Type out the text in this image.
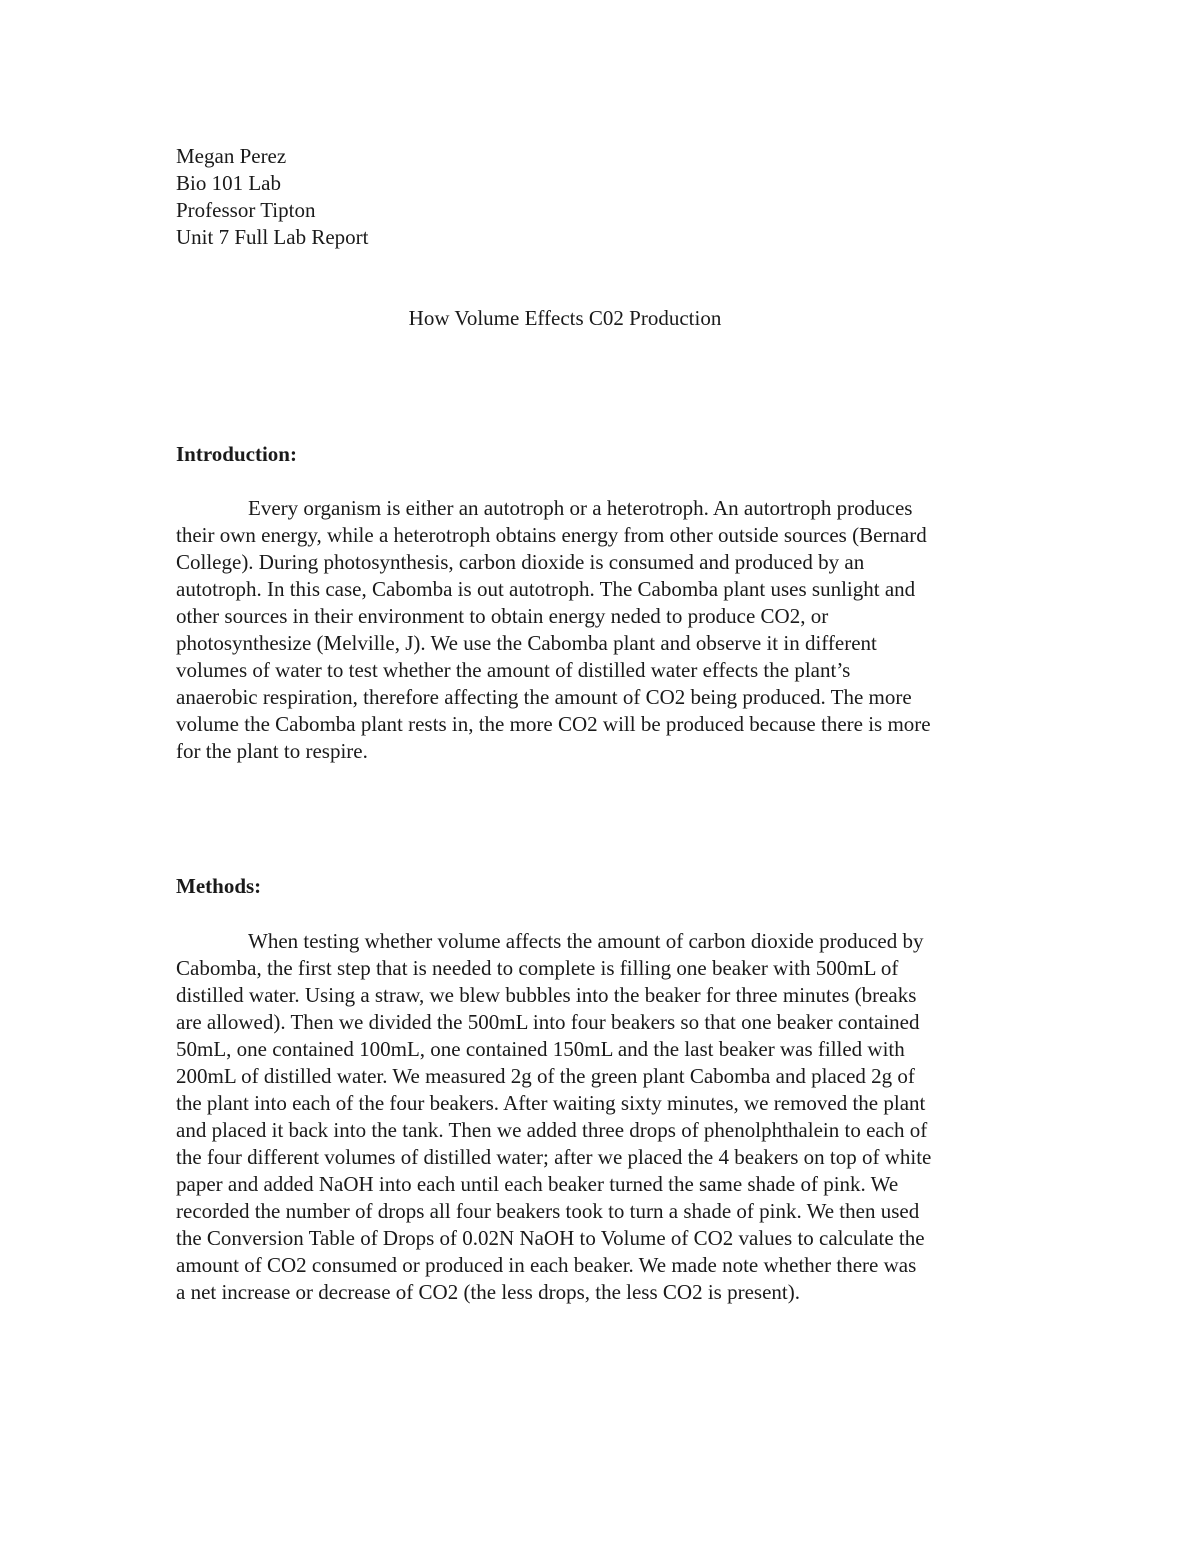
Megan Perez
Bio 101 Lab
Professor Tipton
Unit 7 Full Lab Report
How Volume Effects C02 Production
Introduction:
Every organism is either an autotroph or a heterotroph. An autortroph produces
their own energy, while a heterotroph obtains energy from other outside sources (Bernard
College). During photosynthesis, carbon dioxide is consumed and produced by an
autotroph. In this case, Cabomba is out autotroph. The Cabomba plant uses sunlight and
other sources in their environment to obtain energy neded to produce CO2, or
photosynthesize (Melville, J). We use the Cabomba plant and observe it in different
volumes of water to test whether the amount of distilled water effects the plant’s
anaerobic respiration, therefore affecting the amount of CO2 being produced. The more
volume the Cabomba plant rests in, the more CO2 will be produced because there is more
for the plant to respire.
Methods:
When testing whether volume affects the amount of carbon dioxide produced by
Cabomba, the first step that is needed to complete is filling one beaker with 500mL of
distilled water. Using a straw, we blew bubbles into the beaker for three minutes (breaks
are allowed). Then we divided the 500mL into four beakers so that one beaker contained
50mL, one contained 100mL, one contained 150mL and the last beaker was filled with
200mL of distilled water. We measured 2g of the green plant Cabomba and placed 2g of
the plant into each of the four beakers. After waiting sixty minutes, we removed the plant
and placed it back into the tank. Then we added three drops of phenolphthalein to each of
the four different volumes of distilled water; after we placed the 4 beakers on top of white
paper and added NaOH into each until each beaker turned the same shade of pink. We
recorded the number of drops all four beakers took to turn a shade of pink. We then used
the Conversion Table of Drops of 0.02N NaOH to Volume of CO2 values to calculate the
amount of CO2 consumed or produced in each beaker. We made note whether there was
a net increase or decrease of CO2 (the less drops, the less CO2 is present).
